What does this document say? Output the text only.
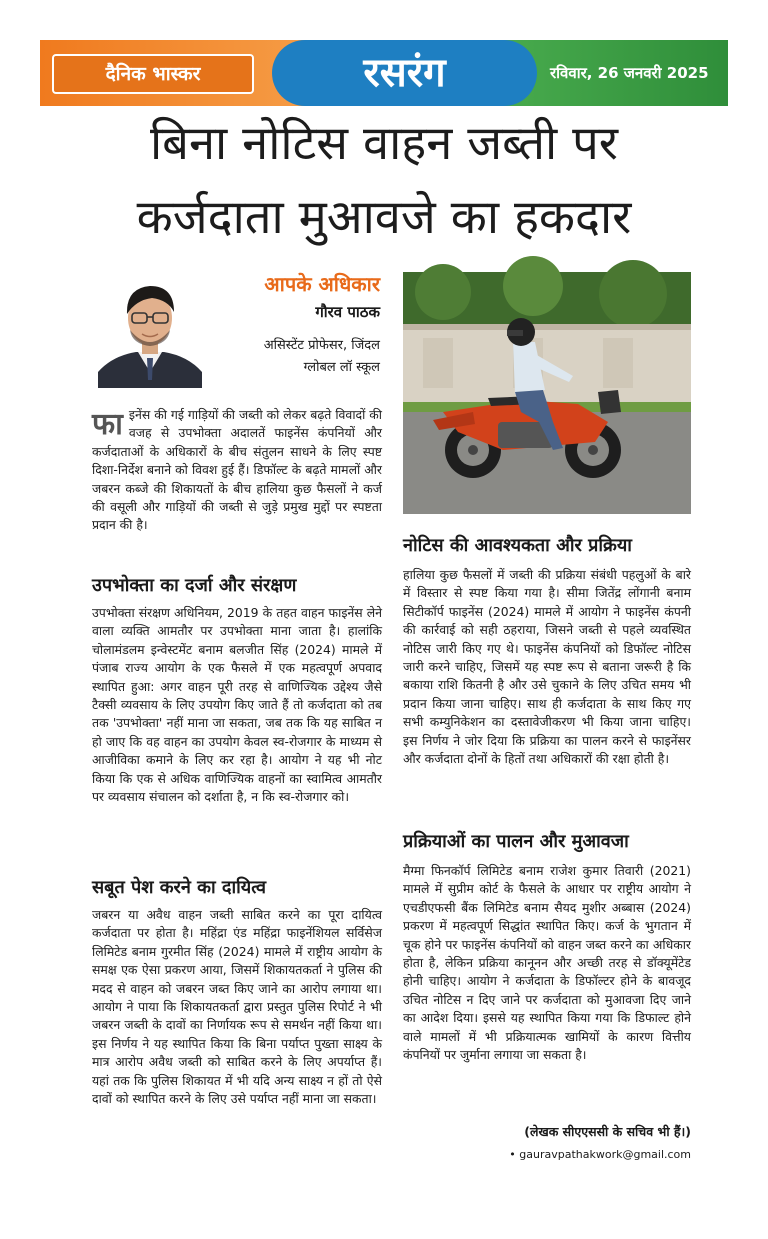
दैनिक भास्कर	रसरंग	रविवार, 26 जनवरी 2025 2
बिना नोटिस वाहन जब्ती पर
कर्जदाता मुआवजे का हकदार
आपके अधिकार
गौरव पाठक
असिस्टेंट प्रोफेसर, जिंदल
ग्लोबल लॉ स्कूल

फाइनेंस की गई गाड़ियों की जब्ती को लेकर बढ़ते विवादों की वजह से उपभोक्ता अदालतें फाइनेंस कंपनियों और कर्जदाताओं के अधिकारों के बीच संतुलन साधने के लिए स्पष्ट दिशा-निर्देश बनाने को विवश हुई हैं। डिफॉल्ट के बढ़ते मामलों और जबरन कब्जे की शिकायतों के बीच हालिया कुछ फैसलों ने कर्ज की वसूली और गाड़ियों की जब्ती से जुड़े प्रमुख मुद्दों पर स्पष्टता प्रदान की है।

उपभोक्ता का दर्जा और संरक्षण

उपभोक्ता संरक्षण अधिनियम, 2019 के तहत वाहन फाइनेंस लेने वाला व्यक्ति आमतौर पर उपभोक्ता माना जाता है। हालांकि चोलामंडलम इन्वेस्टमेंट बनाम बलजीत सिंह (2024) मामले में पंजाब राज्य आयोग के एक फैसले में एक महत्वपूर्ण अपवाद स्थापित हुआ: अगर वाहन पूरी तरह से वाणिज्यिक उद्देश्य जैसे टैक्सी व्यवसाय के लिए उपयोग किए जाते हैं तो कर्जदाता को तब तक 'उपभोक्ता' नहीं माना जा सकता, जब तक कि यह साबित न हो जाए कि वह वाहन का उपयोग केवल स्व-रोजगार के माध्यम से आजीविका कमाने के लिए कर रहा है। आयोग ने यह भी नोट किया कि एक से अधिक वाणिज्यिक वाहनों का स्वामित्व आमतौर पर व्यवसाय संचालन को दर्शाता है, न कि स्व-रोजगार को।

सबूत पेश करने का दायित्व

जबरन या अवैध वाहन जब्ती साबित करने का पूरा दायित्व कर्जदाता पर होता है। महिंद्रा एंड महिंद्रा फाइनेंशियल सर्विसेज लिमिटेड बनाम गुरमीत सिंह (2024) मामले में राष्ट्रीय आयोग के समक्ष एक ऐसा प्रकरण आया, जिसमें शिकायतकर्ता ने पुलिस की मदद से वाहन को जबरन जब्त किए जाने का आरोप लगाया था। आयोग ने पाया कि शिकायतकर्ता द्वारा प्रस्तुत पुलिस रिपोर्ट ने भी जबरन जब्ती के दावों का निर्णायक रूप से समर्थन नहीं किया था। इस निर्णय ने यह स्थापित किया कि बिना पर्याप्त पुख्ता साक्ष्य के मात्र आरोप अवैध जब्ती को साबित करने के लिए अपर्याप्त हैं। यहां तक कि पुलिस शिकायत में भी यदि अन्य साक्ष्य न हों तो ऐसे दावों को स्थापित करने के लिए उसे पर्याप्त नहीं माना जा सकता।

नोटिस की आवश्यकता और प्रक्रिया

हालिया कुछ फैसलों में जब्ती की प्रक्रिया संबंधी पहलुओं के बारे में विस्तार से स्पष्ट किया गया है। सीमा जितेंद्र लोंगानी बनाम सिटीकॉर्प फाइनेंस (2024) मामले में आयोग ने फाइनेंस कंपनी की कार्रवाई को सही ठहराया, जिसने जब्ती से पहले व्यवस्थित नोटिस जारी किए गए थे। फाइनेंस कंपनियों को डिफॉल्ट नोटिस जारी करने चाहिए, जिसमें यह स्पष्ट रूप से बताना जरूरी है कि बकाया राशि कितनी है और उसे चुकाने के लिए उचित समय भी प्रदान किया जाना चाहिए। साथ ही कर्जदाता के साथ किए गए सभी कम्युनिकेशन का दस्तावेजीकरण भी किया जाना चाहिए। इस निर्णय ने जोर दिया कि प्रक्रिया का पालन करने से फाइनेंसर और कर्जदाता दोनों के हितों तथा अधिकारों की रक्षा होती है।

प्रक्रियाओं का पालन और मुआवजा

मैग्मा फिनकॉर्प लिमिटेड बनाम राजेश कुमार तिवारी (2021) मामले में सुप्रीम कोर्ट के फैसले के आधार पर राष्ट्रीय आयोग ने एचडीएफसी बैंक लिमिटेड बनाम सैयद मुशीर अब्बास (2024) प्रकरण में महत्वपूर्ण सिद्धांत स्थापित किए। कर्ज के भुगतान में चूक होने पर फाइनेंस कंपनियों को वाहन जब्त करने का अधिकार होता है, लेकिन प्रक्रिया कानूनन और अच्छी तरह से डॉक्यूमेंटेड होनी चाहिए। आयोग ने कर्जदाता के डिफॉल्टर होने के बावजूद उचित नोटिस न दिए जाने पर कर्जदाता को मुआवजा दिए जाने का आदेश दिया। इससे यह स्थापित किया गया कि डिफाल्ट होने वाले मामलों में भी प्रक्रियात्मक खामियों के कारण वित्तीय कंपनियों पर जुर्माना लगाया जा सकता है।

(लेखक सीएएससी के सचिव भी हैं।)
• gauravpathakwork@gmail.com
